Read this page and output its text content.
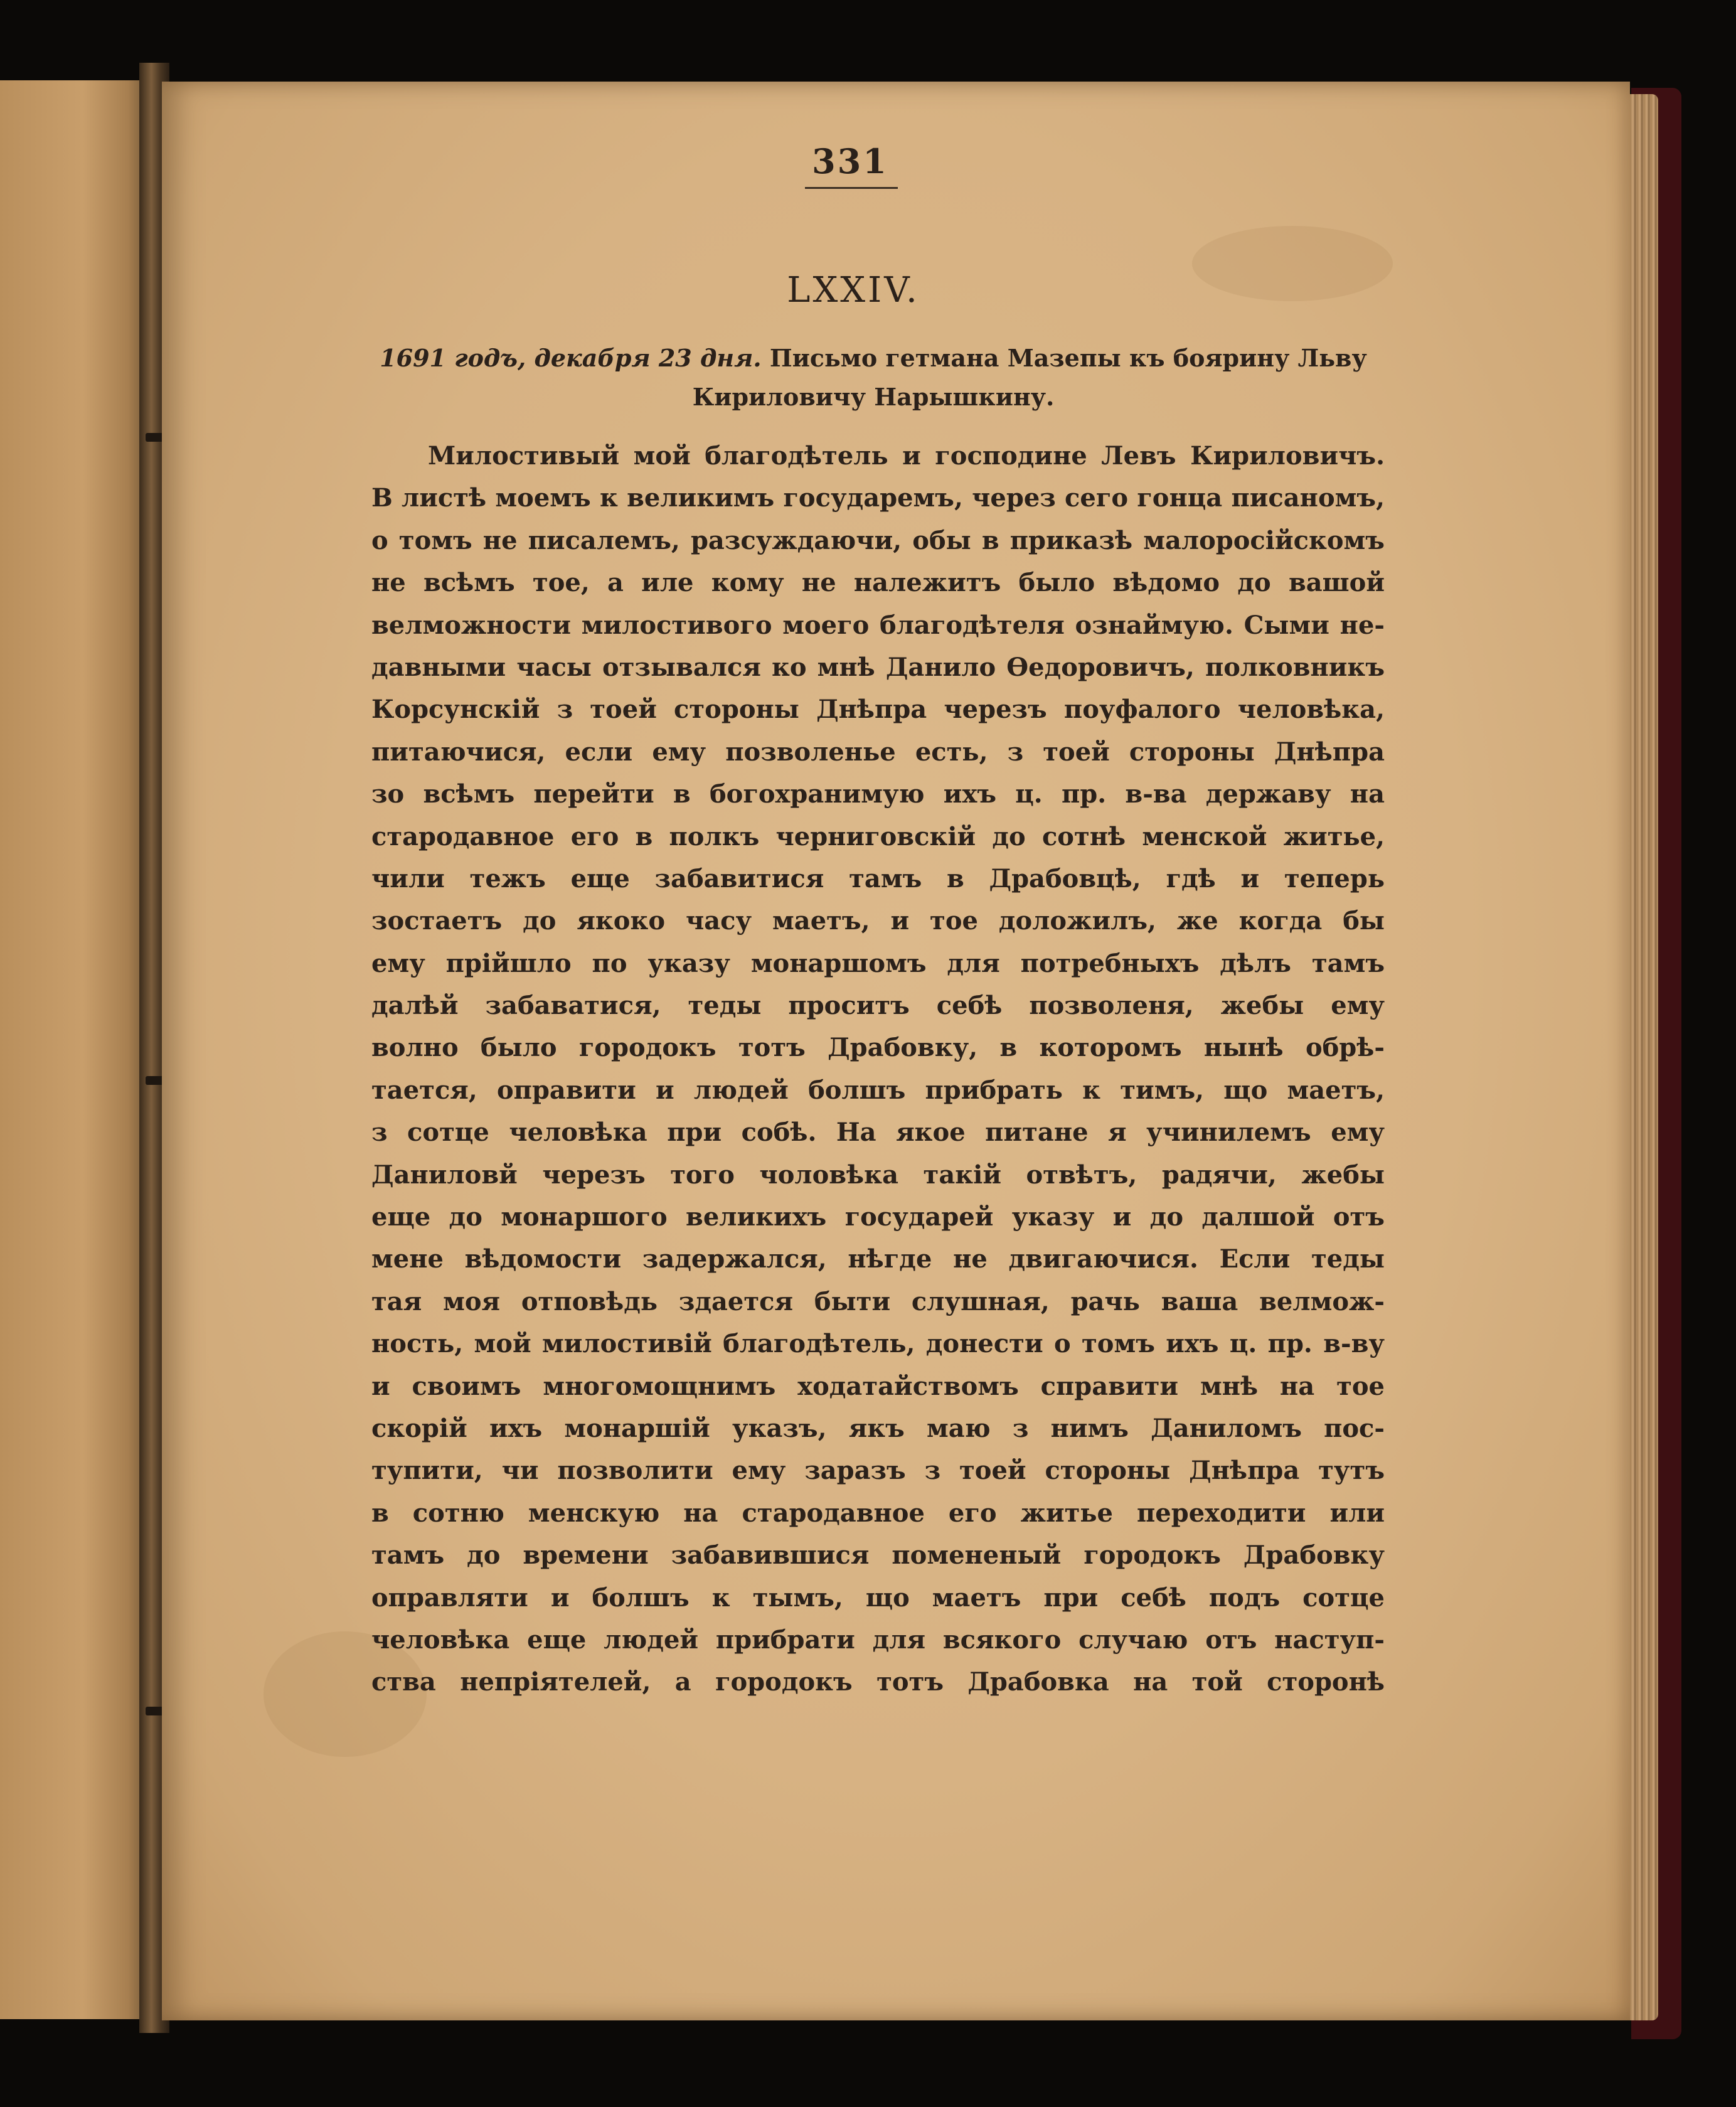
331
LXXIV.
1691 годъ, декабря 23 дня. Письмо гетмана Мазепы къ боярину Льву
Кириловичу Нарышкину.
Милостивый мой благодѣтель и господине Левъ Кириловичъ.
В листѣ моемъ к великимъ государемъ, через сего гонца писаномъ,
о томъ не писалемъ, разсуждаючи, обы в приказѣ малоросійскомъ
не всѣмъ тое, а иле кому не належитъ было вѣдомо до вашой
велможности милостивого моего благодѣтеля ознаймую. Сыми не-
давными часы отзывался ко мнѣ Данило Ѳедоровичъ, полковникъ
Корсунскій з тоей стороны Днѣпра черезъ поуфалого человѣка,
питаючися, если ему позволенье есть, з тоей стороны Днѣпра
зо всѣмъ перейти в богохранимую ихъ ц. пр. в-ва державу на
стародавное его в полкъ черниговскій до сотнѣ менской житье,
чили тежъ еще забавитися тамъ в Драбовцѣ, гдѣ и теперь
зостаетъ до якоко часу маетъ, и тое доложилъ, же когда бы
ему прійшло по указу монаршомъ для потребныхъ дѣлъ тамъ
далѣй забаватися, теды проситъ себѣ позволеня, жебы ему
волно было городокъ тотъ Драбовку, в которомъ нынѣ обрѣ-
тается, оправити и людей болшъ прибрать к тимъ, що маетъ,
з сотце человѣка при собѣ. На якое питане я учинилемъ ему
Даниловй черезъ того чоловѣка такій отвѣтъ, радячи, жебы
еще до монаршого великихъ государей указу и до далшой отъ
мене вѣдомости задержался, нѣгде не двигаючися. Если теды
тая моя отповѣдь здается быти слушная, рачь ваша велмож-
ность, мой милостивій благодѣтель, донести о томъ ихъ ц. пр. в-ву
и своимъ многомощнимъ ходатайствомъ справити мнѣ на тое
скорій ихъ монаршій указъ, якъ маю з нимъ Даниломъ пос-
тупити, чи позволити ему заразъ з тоей стороны Днѣпра тутъ
в сотню менскую на стародавное его житье переходити или
тамъ до времени забавившися помененый городокъ Драбовку
оправляти и болшъ к тымъ, що маетъ при себѣ подъ сотце
человѣка еще людей прибрати для всякого случаю отъ наступ-
ства непріятелей, а городокъ тотъ Драбовка на той сторонѣ
